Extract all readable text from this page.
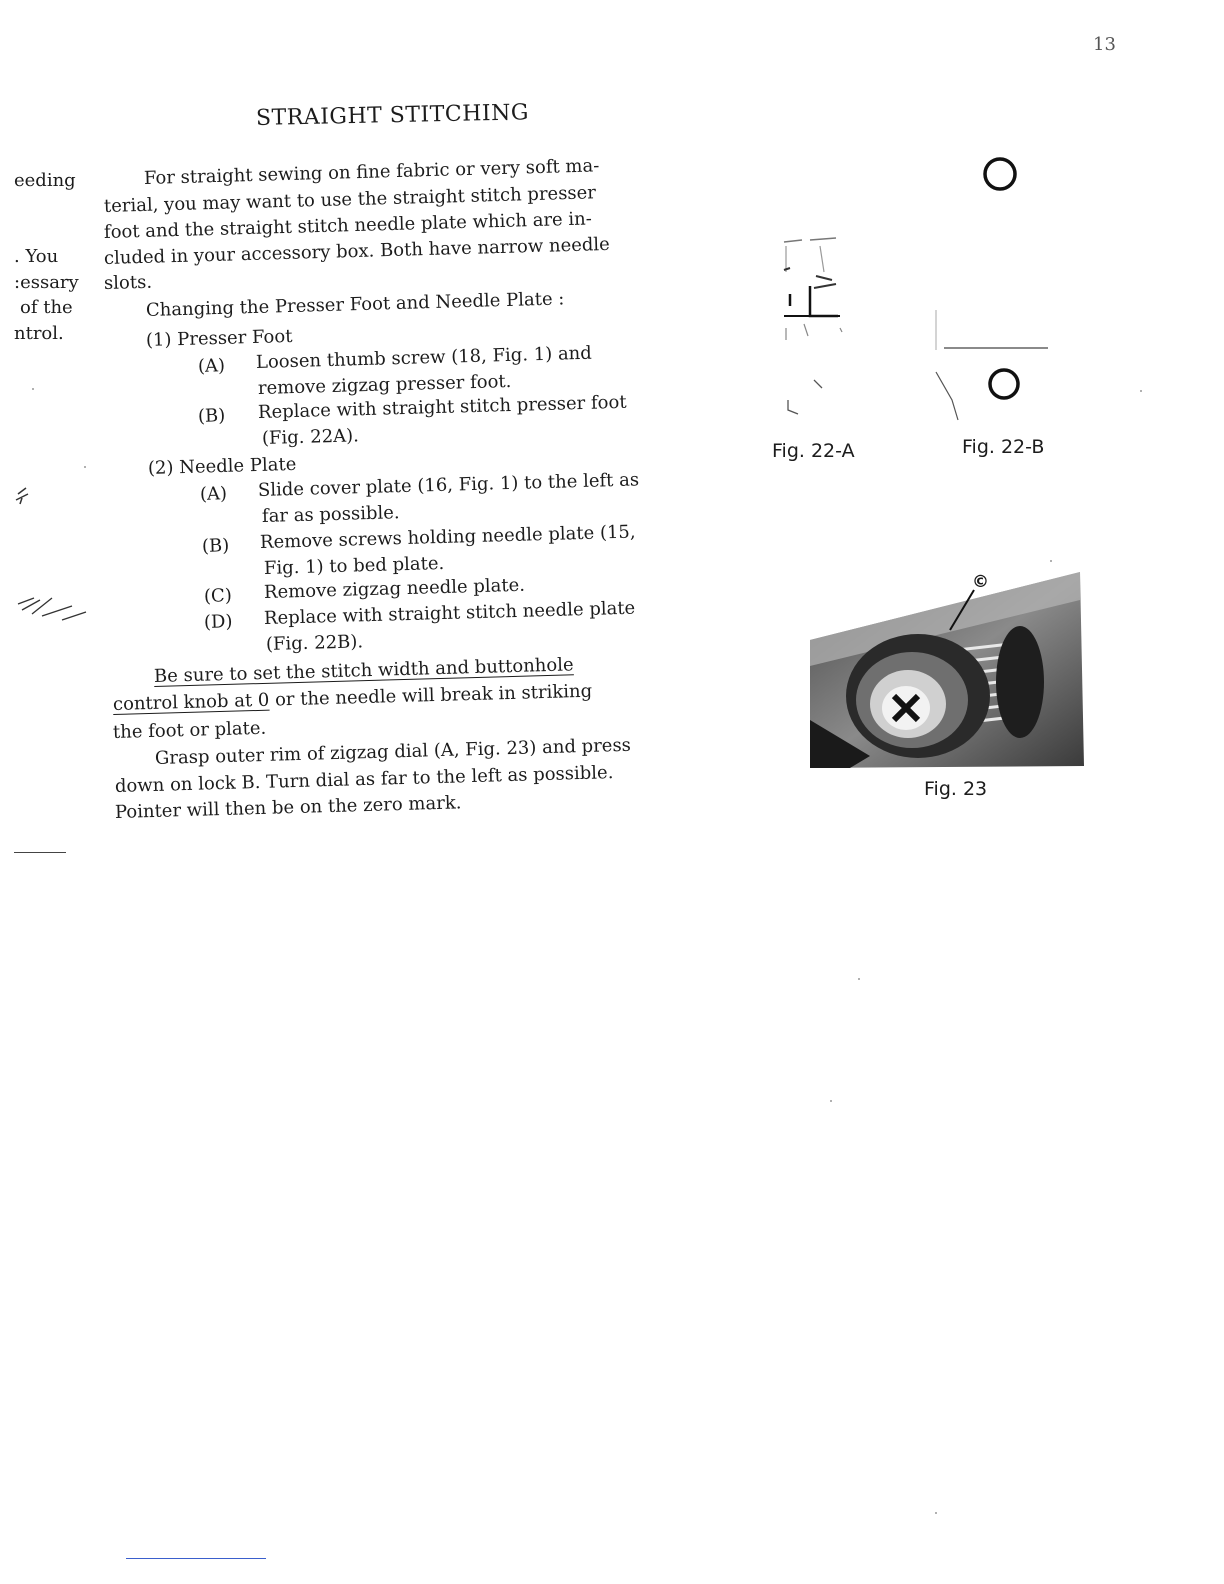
13
STRAIGHT STITCHING
eeding
. You
:essary
of the
ntrol.
For straight sewing on fine fabric or very soft ma-
terial, you may want to use the straight stitch presser
foot and the straight stitch needle plate which are in-
cluded in your accessory box. Both have narrow needle
slots.
Changing the Presser Foot and Needle Plate :
(1) Presser Foot
(A) Loosen thumb screw (18, Fig. 1) and
remove zigzag presser foot.
(B) Replace with straight stitch presser foot
(Fig. 22A).
(2) Needle Plate
(A) Slide cover plate (16, Fig. 1) to the left as
far as possible.
(B) Remove screws holding needle plate (15,
Fig. 1) to bed plate.
(C) Remove zigzag needle plate.
(D) Replace with straight stitch needle plate
(Fig. 22B).
Be sure to set the stitch width and buttonhole
control knob at 0 or the needle will break in striking
the foot or plate.
Grasp outer rim of zigzag dial (A, Fig. 23) and press
down on lock B. Turn dial as far to the left as possible.
Pointer will then be on the zero mark.
Fig. 22-A	Fig. 22-B
©
Fig. 23
